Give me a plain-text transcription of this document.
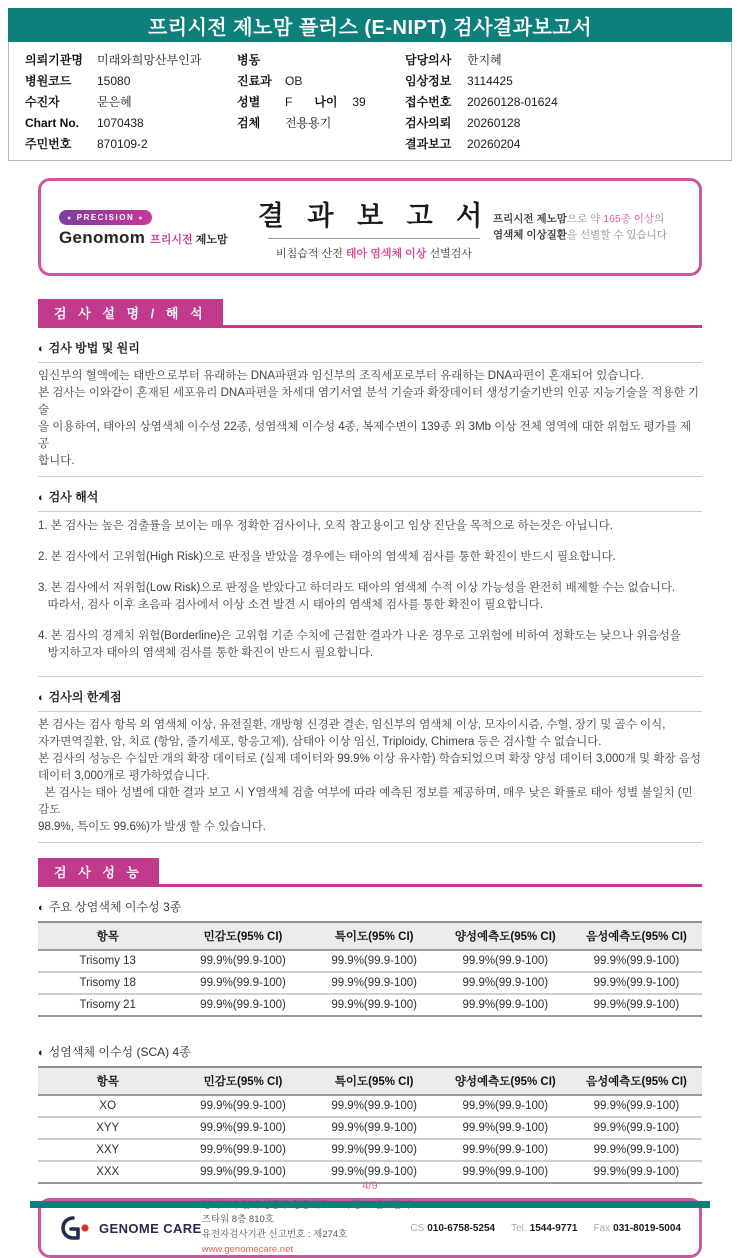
프리시전 제노맘 플러스 (E-NIPT) 검사결과보고서
의뢰기관명	미래와희망산부인과
병원코드	15080
수진자	문은혜
Chart No.	1070438
주민번호	870109-2
병동
진료과	OB
성별	F 나이	39
검체	전용용기
담당의사	한지혜
임상정보	3114425
접수번호	20260128-01624
검사의뢰	20260128
결과보고	20260204
● PRECISION ●
Genomom 프리시전 제노맘
결 과 보 고 서
비침습적 산전 태아 염색체 이상 선별검사
프리시전 제노맘으로 약 165종 이상의
염색체 이상질환을 선별할 수 있습니다
검 사 설 명 / 해 석
◐ 검사 방법 및 원리
임신부의 혈액에는 태반으로부터 유래하는 DNA파편과 임신부의 조직세포로부터 유래하는 DNA파편이 혼재되어 있습니다.
본 검사는 이와같이 혼재된 세포유리 DNA파편을 차세대 염기서열 분석 기술과 확장데이터 생성기술기반의 인공 지능기술을 적용한 기술
을 이용하여, 태아의 상염색체 이수성 22종, 성염색체 이수성 4종, 복제수변이 139종 외 3Mb 이상 전체 영역에 대한 위험도 평가를 제공
합니다.
◐ 검사 해석
1. 본 검사는 높은 검출률을 보이는 매우 정확한 검사이나, 오직 참고용이고 임상 진단을 목적으로 하는것은 아닙니다.
2. 본 검사에서 고위험(High Risk)으로 판정을 받았을 경우에는 태아의 염색체 검사를 통한 확진이 반드시 필요합니다.
3. 본 검사에서 저위험(Low Risk)으로 판정을 받았다고 하더라도 태아의 염색체 수적 이상 가능성을 완전히 배제할 수는 없습니다.
따라서, 검사 이후 초음파 검사에서 이상 소견 발견 시 태아의 염색체 검사를 통한 확진이 필요합니다.
4. 본 검사의 경계치 위험(Borderline)은 고위험 기준 수치에 근접한 결과가 나온 경우로 고위험에 비하여 정확도는 낮으나 위음성을
방지하고자 태아의 염색체 검사를 통한 확진이 반드시 필요합니다.
◐ 검사의 한계점
본 검사는 검사 항목 외 염색체 이상, 유전질환, 개방형 신경관 결손, 임신부의 염색체 이상, 모자이시즘, 수혈, 장기 및 골수 이식,
자가면역질환, 암, 치료 (항암, 줄기세포, 항응고제), 삼태아 이상 임신, Triploidy, Chimera 등은 검사할 수 없습니다.
본 검사의 성능은 수십만 개의 확장 데이터로 (실제 데이터와 99.9% 이상 유사함) 학습되었으며 확장 양성 데이터 3,000개 및 확장 음성
데이터 3,000개로 평가하였습니다.
본 검사는 태아 성별에 대한 결과 보고 시 Y염색체 검출 여부에 따라 예측된 정보를 제공하며, 매우 낮은 확률로 태아 성별 불일치 (민감도
98.9%, 특이도 99.6%)가 발생 할 수 있습니다.
검 사 성 능
◐ 주요 상염색체 이수성 3종
항목	민감도(95% CI)	특이도(95% CI)	양성예측도(95% CI)	음성예측도(95% CI)
Trisomy 13	99.9%(99.9-100)	99.9%(99.9-100)	99.9%(99.9-100)	99.9%(99.9-100)
Trisomy 18	99.9%(99.9-100)	99.9%(99.9-100)	99.9%(99.9-100)	99.9%(99.9-100)
Trisomy 21	99.9%(99.9-100)	99.9%(99.9-100)	99.9%(99.9-100)	99.9%(99.9-100)
◐ 성염색체 이수성 (SCA) 4종
항목	민감도(95% CI)	특이도(95% CI)	양성예측도(95% CI)	음성예측도(95% CI)
XO	99.9%(99.9-100)	99.9%(99.9-100)	99.9%(99.9-100)	99.9%(99.9-100)
XYY	99.9%(99.9-100)	99.9%(99.9-100)	99.9%(99.9-100)	99.9%(99.9-100)
XXY	99.9%(99.9-100)	99.9%(99.9-100)	99.9%(99.9-100)	99.9%(99.9-100)
XXX	99.9%(99.9-100)	99.9%(99.9-100)	99.9%(99.9-100)	99.9%(99.9-100)
GENOME CARE
즈타워 8층 810호
유전자검사기관 신고번호 : 제274호
www.genomecare.net
CS 010-6758-5254 Tel. 1544-9771 Fax 031-8019-5004
4/9
